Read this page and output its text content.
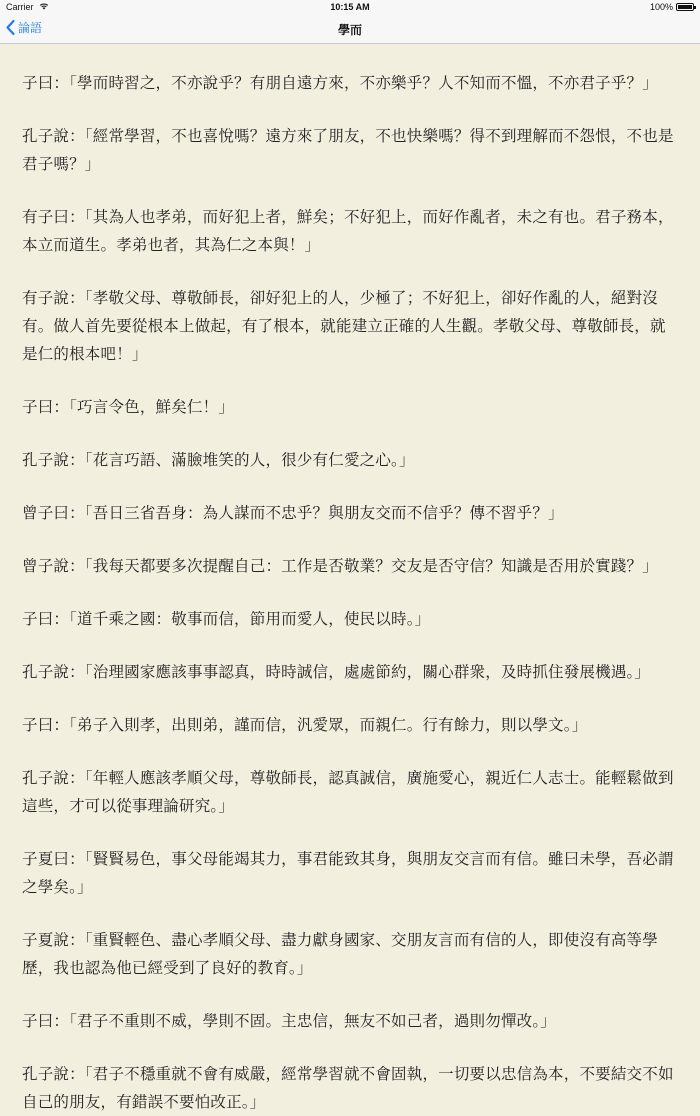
Carrier	10:15 AM	100%
論語	學而

子曰：「學而時習之，不亦說乎？有朋自遠方來，不亦樂乎？人不知而不慍，不亦君子乎？」

孔子說：「經常學習，不也喜悅嗎？遠方來了朋友，不也快樂嗎？得不到理解而不怨恨，不也是君子嗎？」

有子曰：「其為人也孝弟，而好犯上者，鮮矣；不好犯上，而好作亂者，未之有也。君子務本，本立而道生。孝弟也者，其為仁之本與！」

有子說：「孝敬父母、尊敬師長，卻好犯上的人，少極了；不好犯上，卻好作亂的人，絕對沒有。做人首先要從根本上做起，有了根本，就能建立正確的人生觀。孝敬父母、尊敬師長，就是仁的根本吧！」

子曰：「巧言令色，鮮矣仁！」

孔子說：「花言巧語、滿臉堆笑的人，很少有仁愛之心。」

曾子曰：「吾日三省吾身：為人謀而不忠乎？與朋友交而不信乎？傳不習乎？」

曾子說：「我每天都要多次提醒自己：工作是否敬業？交友是否守信？知識是否用於實踐？」

子曰：「道千乘之國：敬事而信，節用而愛人，使民以時。」

孔子說：「治理國家應該事事認真，時時誠信，處處節約，關心群衆，及時抓住發展機遇。」

子曰：「弟子入則孝，出則弟，謹而信，汎愛眾，而親仁。行有餘力，則以學文。」

孔子說：「年輕人應該孝順父母，尊敬師長，認真誠信，廣施愛心，親近仁人志士。能輕鬆做到這些，才可以從事理論研究。」

子夏曰：「賢賢易色，事父母能竭其力，事君能致其身，與朋友交言而有信。雖曰未學，吾必謂之學矣。」

子夏說：「重賢輕色、盡心孝順父母、盡力獻身國家、交朋友言而有信的人，即使沒有高等學歷，我也認為他已經受到了良好的教育。」

子曰：「君子不重則不威，學則不固。主忠信，無友不如己者，過則勿憚改。」

孔子說：「君子不穩重就不會有威嚴，經常學習就不會固執，一切要以忠信為本，不要結交不如自己的朋友，有錯誤不要怕改正。」
